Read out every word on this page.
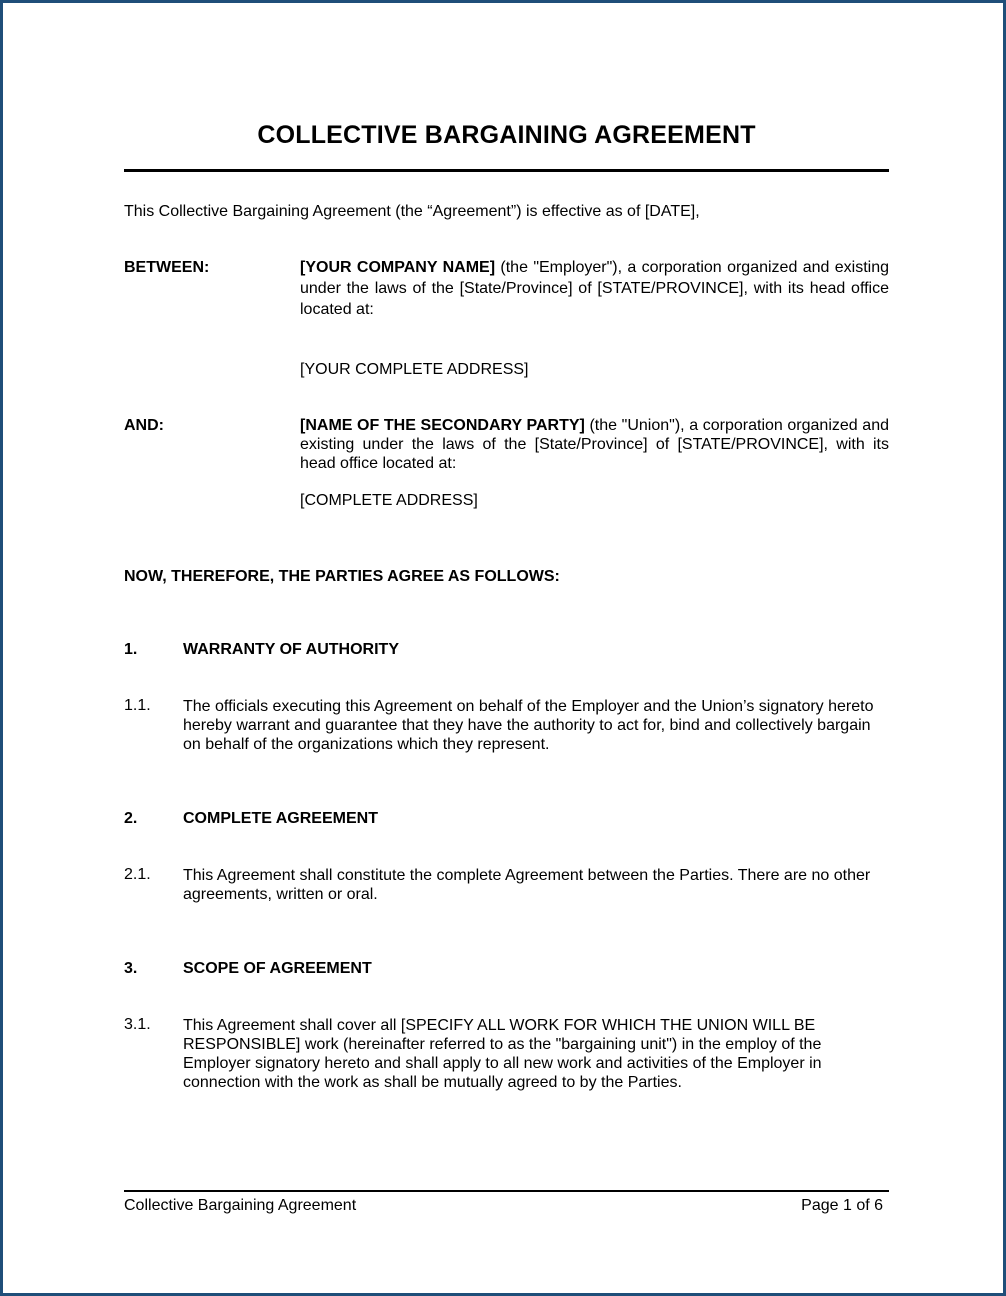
COLLECTIVE BARGAINING AGREEMENT
This Collective Bargaining Agreement (the “Agreement”) is effective as of [DATE],
BETWEEN:	[YOUR COMPANY NAME] (the "Employer"), a corporation organized and existing under the laws of the [State/Province] of [STATE/PROVINCE], with its head office located at:
[YOUR COMPLETE ADDRESS]
AND:	[NAME OF THE SECONDARY PARTY] (the "Union"), a corporation organized and existing under the laws of the [State/Province] of [STATE/PROVINCE], with its head office located at:
[COMPLETE ADDRESS]
NOW, THEREFORE, THE PARTIES AGREE AS FOLLOWS:
1.	WARRANTY OF AUTHORITY
1.1. The officials executing this Agreement on behalf of the Employer and the Union’s signatory hereto hereby warrant and guarantee that they have the authority to act for, bind and collectively bargain on behalf of the organizations which they represent.
2.	COMPLETE AGREEMENT
2.1. This Agreement shall constitute the complete Agreement between the Parties. There are no other agreements, written or oral.
3.	SCOPE OF AGREEMENT
3.1. This Agreement shall cover all [SPECIFY ALL WORK FOR WHICH THE UNION WILL BE RESPONSIBLE] work (hereinafter referred to as the "bargaining unit") in the employ of the Employer signatory hereto and shall apply to all new work and activities of the Employer in connection with the work as shall be mutually agreed to by the Parties.
Collective Bargaining Agreement	Page 1 of 6
